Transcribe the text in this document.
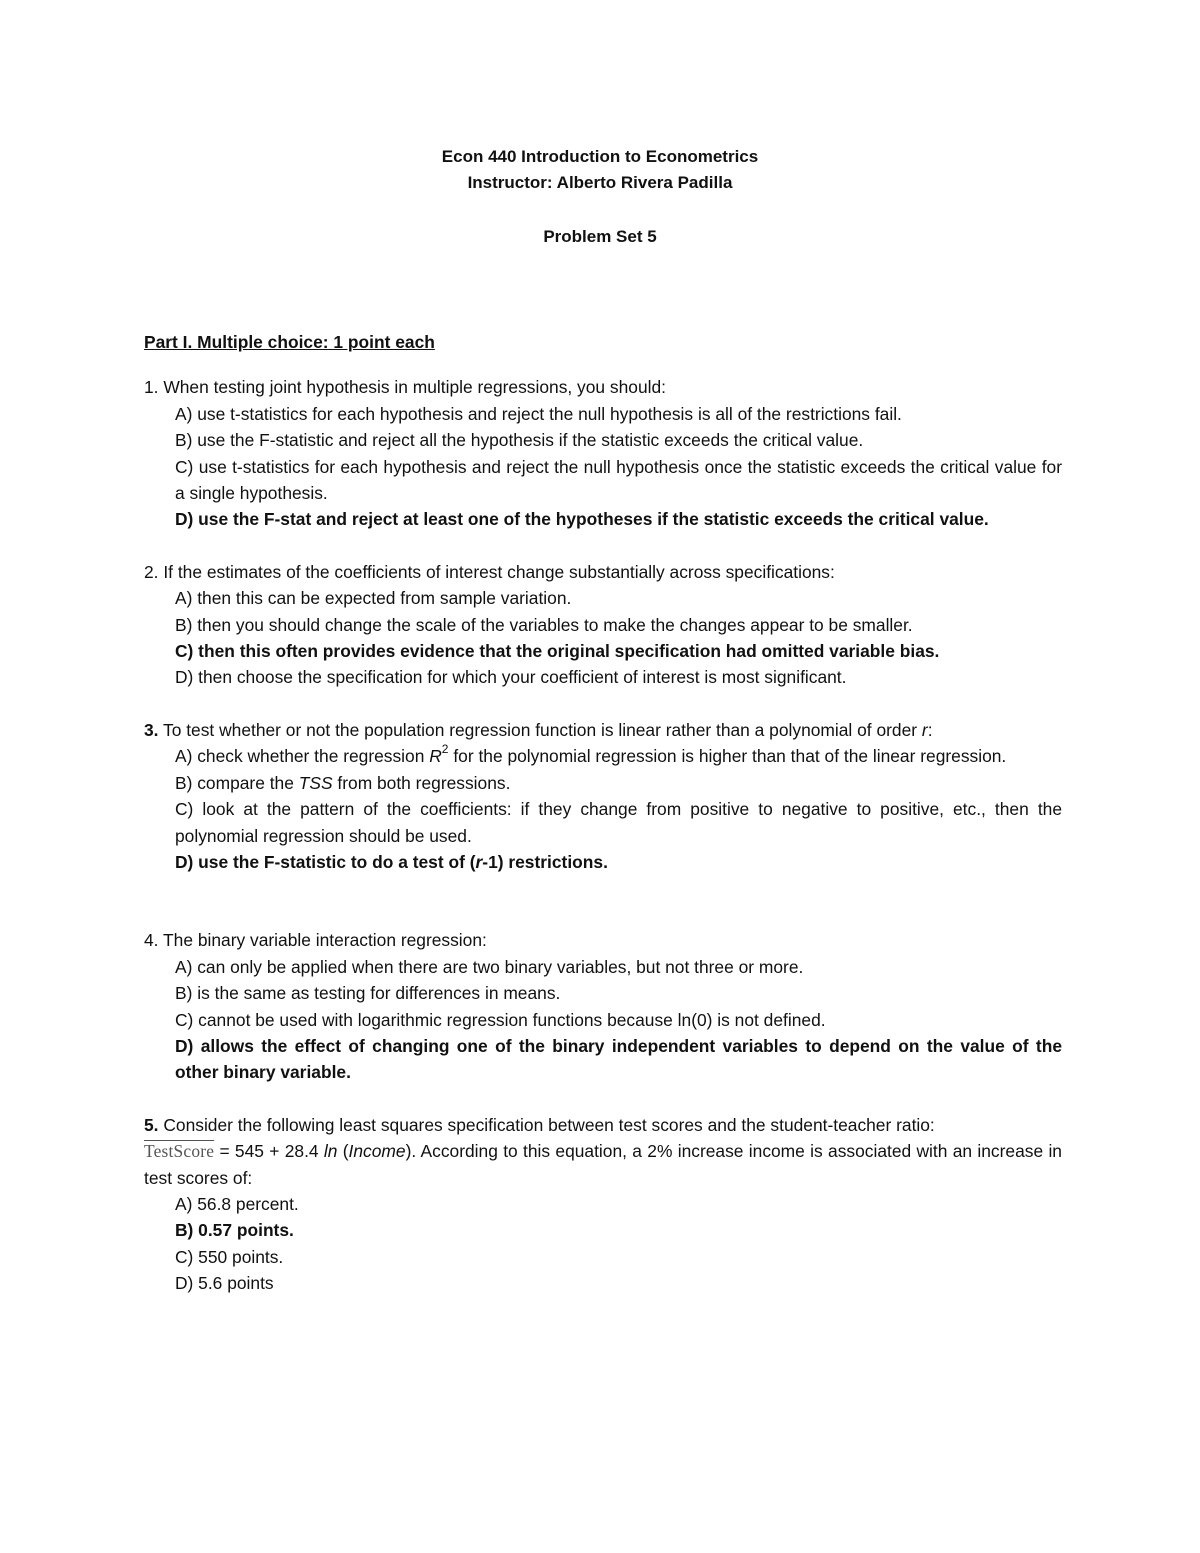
Econ 440 Introduction to Econometrics
Instructor: Alberto Rivera Padilla
Problem Set 5
Part I. Multiple choice: 1 point each
1. When testing joint hypothesis in multiple regressions, you should:
A) use t-statistics for each hypothesis and reject the null hypothesis is all of the restrictions fail.
B) use the F-statistic and reject all the hypothesis if the statistic exceeds the critical value.
C) use t-statistics for each hypothesis and reject the null hypothesis once the statistic exceeds the critical value for a single hypothesis.
D) use the F-stat and reject at least one of the hypotheses if the statistic exceeds the critical value.
2. If the estimates of the coefficients of interest change substantially across specifications:
A) then this can be expected from sample variation.
B) then you should change the scale of the variables to make the changes appear to be smaller.
C) then this often provides evidence that the original specification had omitted variable bias.
D) then choose the specification for which your coefficient of interest is most significant.
3. To test whether or not the population regression function is linear rather than a polynomial of order r:
A) check whether the regression $R^2$ for the polynomial regression is higher than that of the linear regression.
B) compare the TSS from both regressions.
C) look at the pattern of the coefficients: if they change from positive to negative to positive, etc., then the polynomial regression should be used.
D) use the F-statistic to do a test of (r-1) restrictions.
4. The binary variable interaction regression:
A) can only be applied when there are two binary variables, but not three or more.
B) is the same as testing for differences in means.
C) cannot be used with logarithmic regression functions because ln(0) is not defined.
D) allows the effect of changing one of the binary independent variables to depend on the value of the other binary variable.
5. Consider the following least squares specification between test scores and the student-teacher ratio:
TestScore = 545 + 28.4 ln (Income). According to this equation, a 2% increase income is associated with an increase in test scores of:
A) 56.8 percent.
B) 0.57 points.
C) 550 points.
D) 5.6 points
